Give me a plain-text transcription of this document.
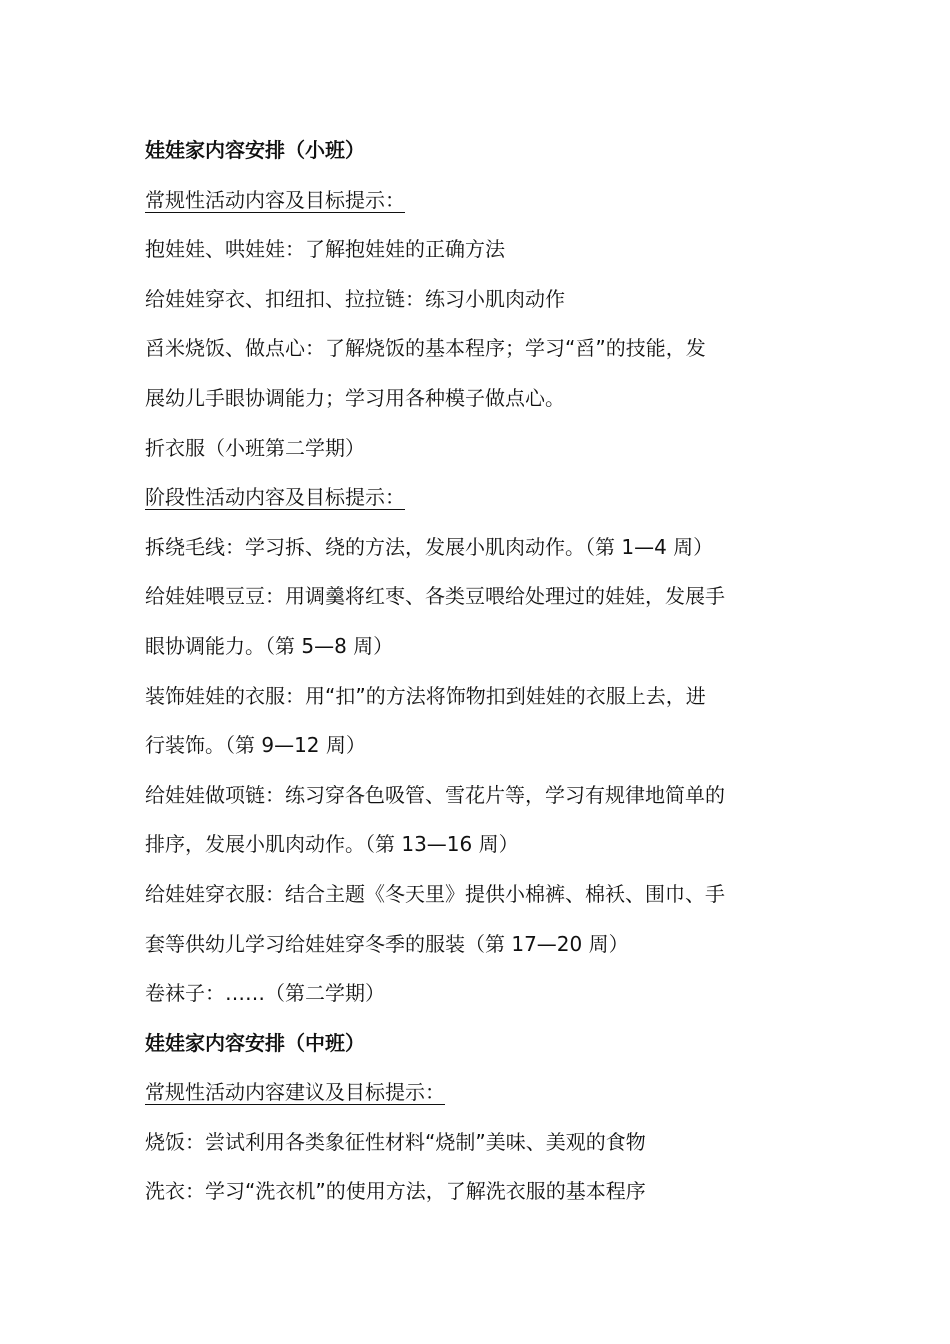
娃娃家内容安排（小班）

常规性活动内容及目标提示：

抱娃娃、哄娃娃：了解抱娃娃的正确方法

给娃娃穿衣、扣纽扣、拉拉链：练习小肌肉动作

舀米烧饭、做点心：了解烧饭的基本程序；学习“舀”的技能，发

展幼儿手眼协调能力；学习用各种模子做点心。

折衣服（小班第二学期）

阶段性活动内容及目标提示：

拆绕毛线：学习拆、绕的方法，发展小肌肉动作。（第 1—4 周）

给娃娃喂豆豆：用调羹将红枣、各类豆喂给处理过的娃娃，发展手

眼协调能力。（第 5—8 周）

装饰娃娃的衣服：用“扣”的方法将饰物扣到娃娃的衣服上去，进

行装饰。（第 9—12 周）

给娃娃做项链：练习穿各色吸管、雪花片等，学习有规律地简单的

排序，发展小肌肉动作。（第 13—16 周）

给娃娃穿衣服：结合主题《冬天里》提供小棉裤、棉袄、围巾、手

套等供幼儿学习给娃娃穿冬季的服装（第 17—20 周）

卷袜子：……（第二学期）

娃娃家内容安排（中班）

常规性活动内容建议及目标提示：

烧饭：尝试利用各类象征性材料“烧制”美味、美观的食物

洗衣：学习“洗衣机”的使用方法，了解洗衣服的基本程序
